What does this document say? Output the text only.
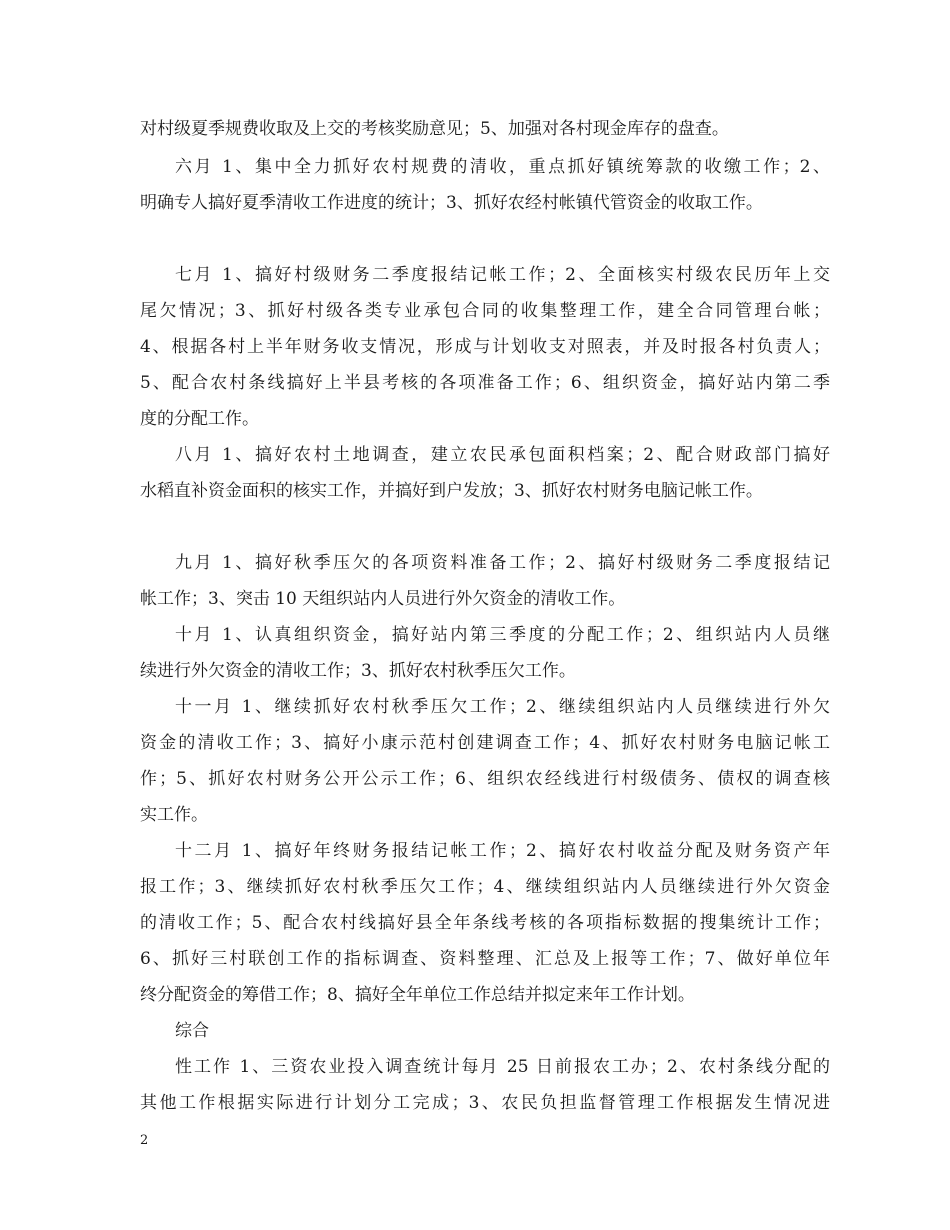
对村级夏季规费收取及上交的考核奖励意见；5、加强对各村现金库存的盘查。
六月 1、集中全力抓好农村规费的清收，重点抓好镇统筹款的收缴工作；2、
明确专人搞好夏季清收工作进度的统计；3、抓好农经村帐镇代管资金的收取工作。
七月 1、搞好村级财务二季度报结记帐工作；2、全面核实村级农民历年上交
尾欠情况；3、抓好村级各类专业承包合同的收集整理工作，建全合同管理台帐；
4、根据各村上半年财务收支情况，形成与计划收支对照表，并及时报各村负责人；
5、配合农村条线搞好上半县考核的各项准备工作；6、组织资金，搞好站内第二季
度的分配工作。
八月 1、搞好农村土地调查，建立农民承包面积档案；2、配合财政部门搞好
水稻直补资金面积的核实工作，并搞好到户发放；3、抓好农村财务电脑记帐工作。
九月 1、搞好秋季压欠的各项资料准备工作；2、搞好村级财务二季度报结记
帐工作；3、突击 10 天组织站内人员进行外欠资金的清收工作。
十月 1、认真组织资金，搞好站内第三季度的分配工作；2、组织站内人员继
续进行外欠资金的清收工作；3、抓好农村秋季压欠工作。
十一月 1、继续抓好农村秋季压欠工作；2、继续组织站内人员继续进行外欠
资金的清收工作；3、搞好小康示范村创建调查工作；4、抓好农村财务电脑记帐工
作；5、抓好农村财务公开公示工作；6、组织农经线进行村级债务、债权的调查核
实工作。
十二月 1、搞好年终财务报结记帐工作；2、搞好农村收益分配及财务资产年
报工作；3、继续抓好农村秋季压欠工作；4、继续组织站内人员继续进行外欠资金
的清收工作；5、配合农村线搞好县全年条线考核的各项指标数据的搜集统计工作；
6、抓好三村联创工作的指标调查、资料整理、汇总及上报等工作；7、做好单位年
终分配资金的筹借工作；8、搞好全年单位工作总结并拟定来年工作计划。
综合
性工作 1、三资农业投入调查统计每月 25 日前报农工办；2、农村条线分配的
其他工作根据实际进行计划分工完成；3、农民负担监督管理工作根据发生情况进
2
